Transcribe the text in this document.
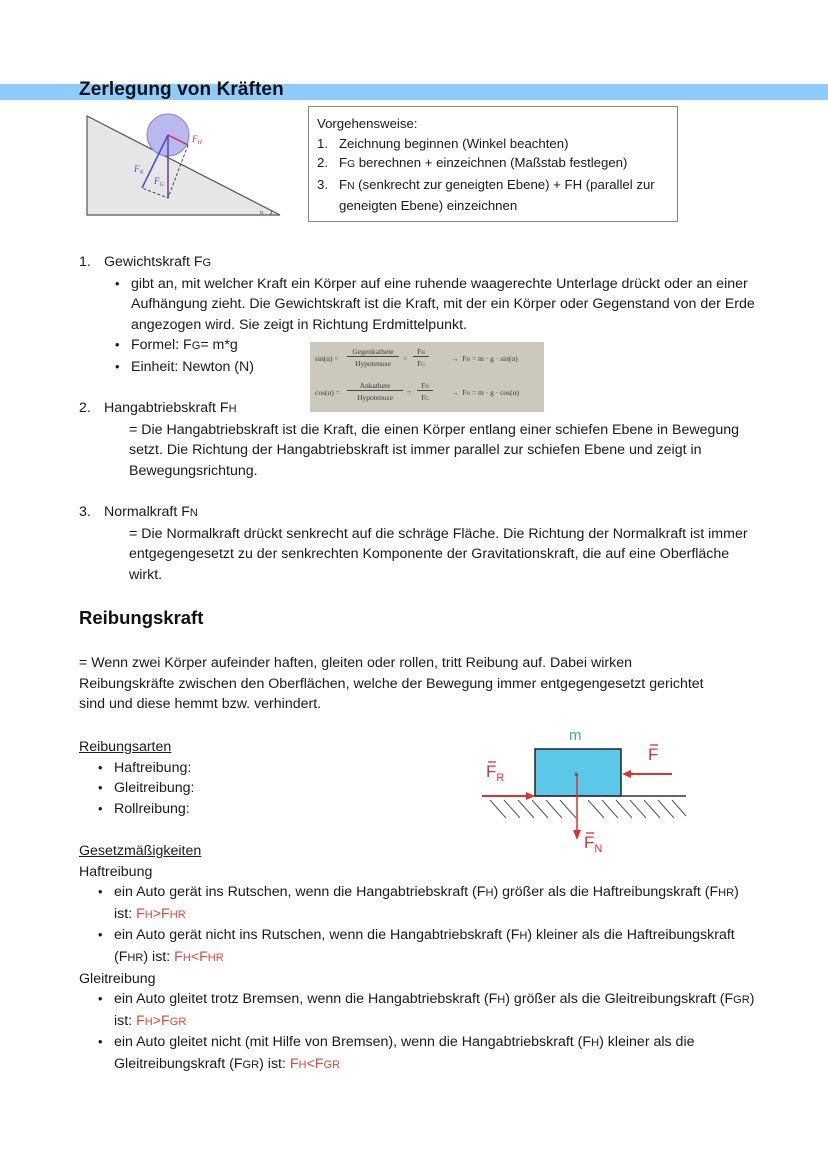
Zerlegung von Kräften
$F_H$
$F_N$
$F_G$
α
Vorgehensweise:
1. Zeichnung beginnen (Winkel beachten)
2. FG berechnen + einzeichnen (Maßstab festlegen)
3. FN (senkrecht zur geneigten Ebene) + FH (parallel zur geneigten Ebene) einzeichnen
1. Gewichtskraft FG
• gibt an, mit welcher Kraft ein Körper auf eine ruhende waagerechte Unterlage drückt oder an einer Aufhängung zieht. Die Gewichtskraft ist die Kraft, mit der ein Körper oder Gegenstand von der Erde angezogen wird. Sie zeigt in Richtung Erdmittelpunkt.
• Formel: FG= m*g
• Einheit: Newton (N)
sin(α) =
Gegenkathete
Hypotenuse
=
FH
FG
→ FH = m · g · sin(α)
cos(α) =
Ankathete
Hypotenuse
=
FN
FG
→ FN = m · g · cos(α)
2. Hangabtriebskraft FH
= Die Hangabtriebskraft ist die Kraft, die einen Körper entlang einer schiefen Ebene in Bewegung setzt. Die Richtung der Hangabtriebskraft ist immer parallel zur schiefen Ebene und zeigt in Bewegungsrichtung.
3. Normalkraft FN
= Die Normalkraft drückt senkrecht auf die schräge Fläche. Die Richtung der Normalkraft ist immer entgegengesetzt zu der senkrechten Komponente der Gravitationskraft, die auf eine Oberfläche wirkt.
Reibungskraft
= Wenn zwei Körper aufeinder haften, gleiten oder rollen, tritt Reibung auf. Dabei wirken Reibungskräfte zwischen den Oberflächen, welche der Bewegung immer entgegengesetzt gerichtet sind und diese hemmt bzw. verhindert.
Reibungsarten
• Haftreibung:
• Gleitreibung:
• Rollreibung:
m
×
$F_R$
F
$F_N$
Gesetzmäßigkeiten
Haftreibung
• ein Auto gerät ins Rutschen, wenn die Hangabtriebskraft (FH) größer als die Haftreibungskraft (FHR) ist: FH>FHR
• ein Auto gerät nicht ins Rutschen, wenn die Hangabtriebskraft (FH) kleiner als die Haftreibungskraft (FHR) ist: FH<FHR
Gleitreibung
• ein Auto gleitet trotz Bremsen, wenn die Hangabtriebskraft (FH) größer als die Gleitreibungskraft (FGR) ist: FH>FGR
• ein Auto gleitet nicht (mit Hilfe von Bremsen), wenn die Hangabtriebskraft (FH) kleiner als die Gleitreibungskraft (FGR) ist: FH<FGR
